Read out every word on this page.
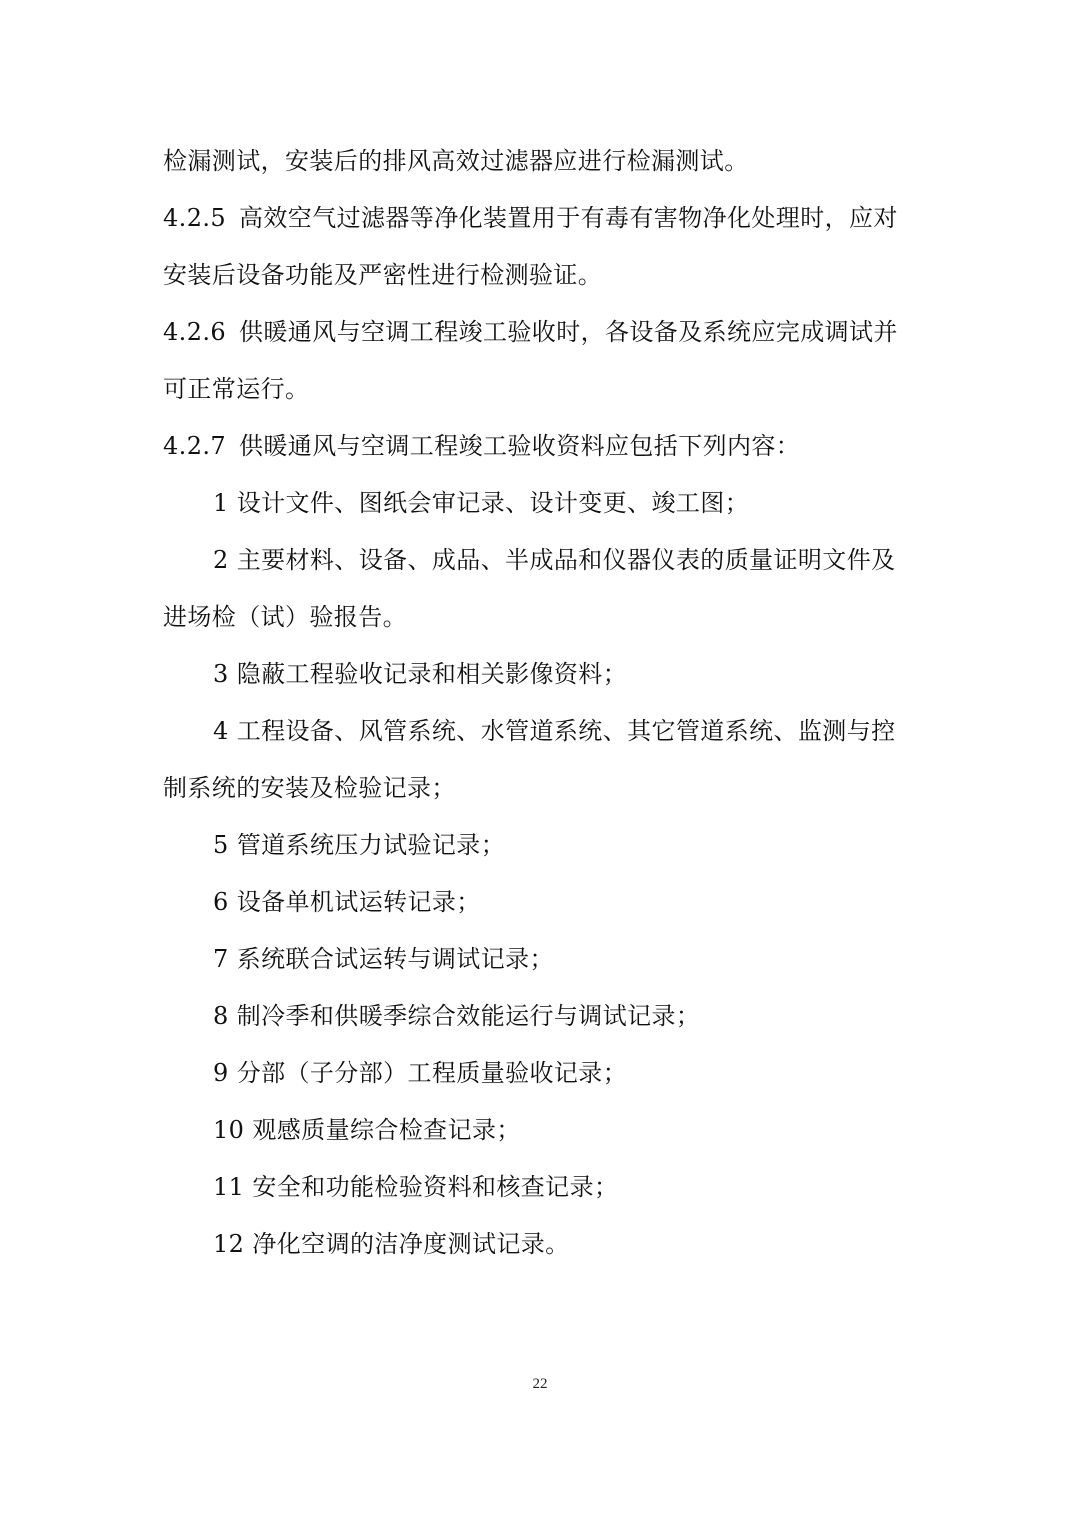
检漏测试，安装后的排风高效过滤器应进行检漏测试。
4.2.5 高效空气过滤器等净化装置用于有毒有害物净化处理时，应对
安装后设备功能及严密性进行检测验证。
4.2.6 供暖通风与空调工程竣工验收时，各设备及系统应完成调试并
可正常运行。
4.2.7 供暖通风与空调工程竣工验收资料应包括下列内容：
1 设计文件、图纸会审记录、设计变更、竣工图；
2 主要材料、设备、成品、半成品和仪器仪表的质量证明文件及
进场检（试）验报告。
3 隐蔽工程验收记录和相关影像资料；
4 工程设备、风管系统、水管道系统、其它管道系统、监测与控
制系统的安装及检验记录；
5 管道系统压力试验记录；
6 设备单机试运转记录；
7 系统联合试运转与调试记录；
8 制冷季和供暖季综合效能运行与调试记录；
9 分部（子分部）工程质量验收记录；
10 观感质量综合检查记录；
11 安全和功能检验资料和核查记录；
12 净化空调的洁净度测试记录。
22
